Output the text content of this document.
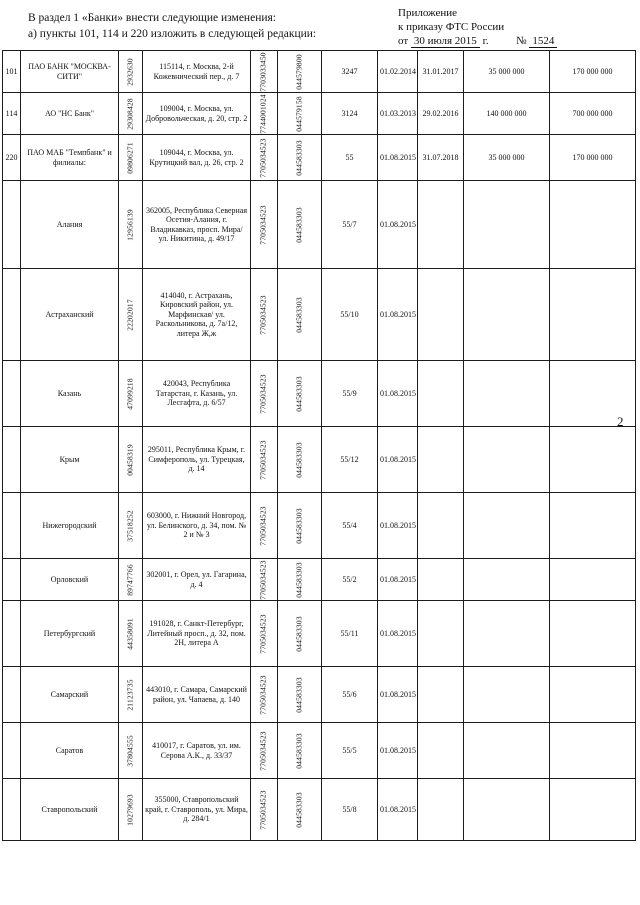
Приложение
к приказу ФТС России
от 30 июля 2015 г.	№ 1524
В раздел 1 «Банки» внести следующие изменения:
а) пункты 101, 114 и 220 изложить в следующей редакции:
2
101	ПАО БАНК "МОСКВА-СИТИ"	2932630	115114, г. Москва, 2-й Кожевнический пер., д. 7	7703033450	044579800	3247	01.02.2014	31.01.2017	35 000 000	170 000 000
114	АО "НС Банк"	29308428	109004, г. Москва, ул. Добровольческая, д. 20, стр. 2	7744001024	044579158	3124	01.03.2013	29.02.2016	140 000 000	700 000 000
220	ПАО МАБ "Темпбанк" и филиалы:	09806271	109044, г. Москва, ул. Крутицкий вал, д. 26, стр. 2	7705034523	044583303	55	01.08.2015	31.07.2018	35 000 000	170 000 000
	Алания	12956139	362005, Республика Северная Осетия-Алания, г. Владикавказ, просп. Мира/ ул. Никитина, д. 49/17	7705034523	044583303	55/7	01.08.2015			
	Астраханский	22202017	414040, г. Астрахань, Кировский район, ул. Марфинская/ ул. Раскольникова, д. 7а/12, литера Ж,ж	7705034523	044583303	55/10	01.08.2015			
	Казань	47099218	420043, Республика Татарстан, г. Казань, ул. Лесгафта, д. 6/57	7705034523	044583303	55/9	01.08.2015			
	Крым	00458319	295011, Республика Крым, г. Симферополь, ул. Турецкая, д. 14	7705034523	044583303	55/12	01.08.2015			
	Нижегородский	37518252	603000, г. Нижний Новгород, ул. Белинского, д. 34, пом. № 2 и № 3	7705034523	044583303	55/4	01.08.2015			
	Орловский	89747766	302001, г. Орел, ул. Гагарина, д. 4	7705034523	044583303	55/2	01.08.2015			
	Петербургский	44358091	191028, г. Санкт-Петербург, Литейный просп., д. 32, пом. 2Н, литера А	7705034523	044583303	55/11	01.08.2015			
	Самарский	21123735	443010, г. Самара, Самарский район, ул. Чапаева, д. 140	7705034523	044583303	55/6	01.08.2015			
	Саратов	37804555	410017, г. Саратов, ул. им. Серова А.К., д. 33/37	7705034523	044583303	55/5	01.08.2015			
	Ставропольский	10279693	355000, Ставропольский край, г. Ставрополь, ул. Мира, д. 284/1	7705034523	044583303	55/8	01.08.2015			
